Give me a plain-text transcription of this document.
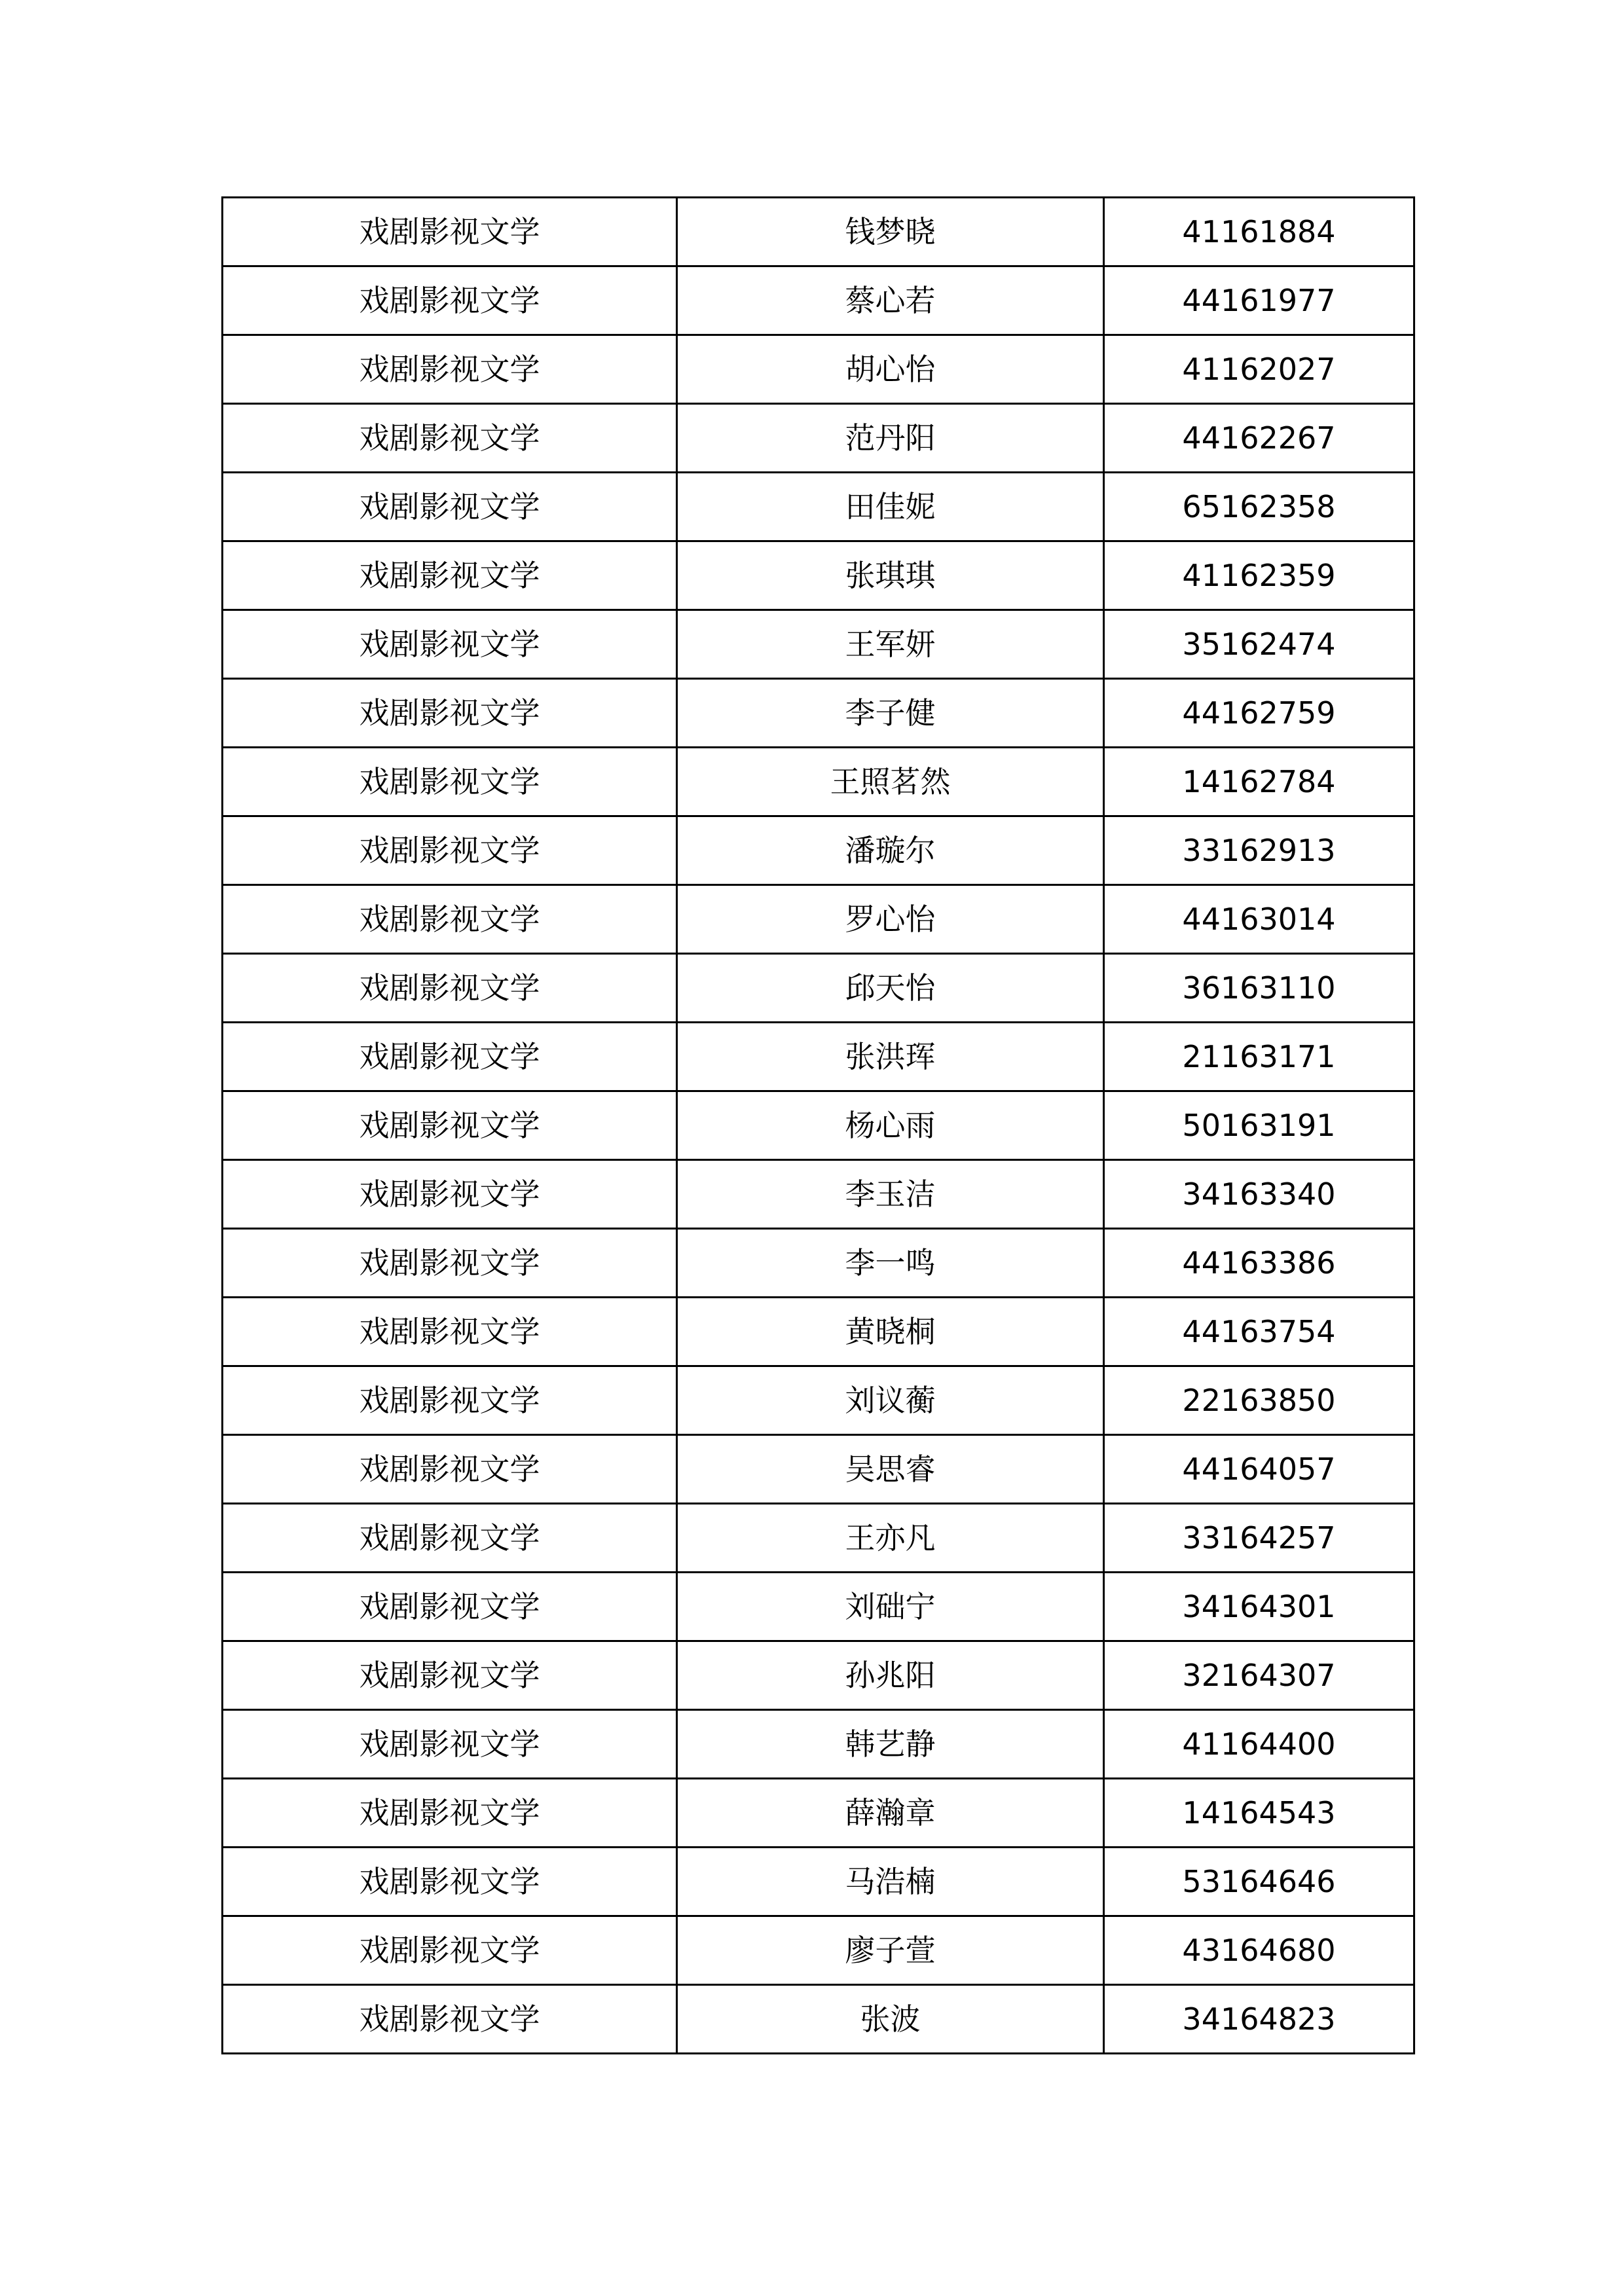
戏剧影视文学	钱梦晓	41161884
戏剧影视文学	蔡心若	44161977
戏剧影视文学	胡心怡	41162027
戏剧影视文学	范丹阳	44162267
戏剧影视文学	田佳妮	65162358
戏剧影视文学	张琪琪	41162359
戏剧影视文学	王军妍	35162474
戏剧影视文学	李子健	44162759
戏剧影视文学	王照茗然	14162784
戏剧影视文学	潘璇尔	33162913
戏剧影视文学	罗心怡	44163014
戏剧影视文学	邱天怡	36163110
戏剧影视文学	张洪珲	21163171
戏剧影视文学	杨心雨	50163191
戏剧影视文学	李玉洁	34163340
戏剧影视文学	李一鸣	44163386
戏剧影视文学	黄晓桐	44163754
戏剧影视文学	刘议蘅	22163850
戏剧影视文学	吴思睿	44164057
戏剧影视文学	王亦凡	33164257
戏剧影视文学	刘础宁	34164301
戏剧影视文学	孙兆阳	32164307
戏剧影视文学	韩艺静	41164400
戏剧影视文学	薛瀚章	14164543
戏剧影视文学	马浩楠	53164646
戏剧影视文学	廖子萱	43164680
戏剧影视文学	张波	34164823
